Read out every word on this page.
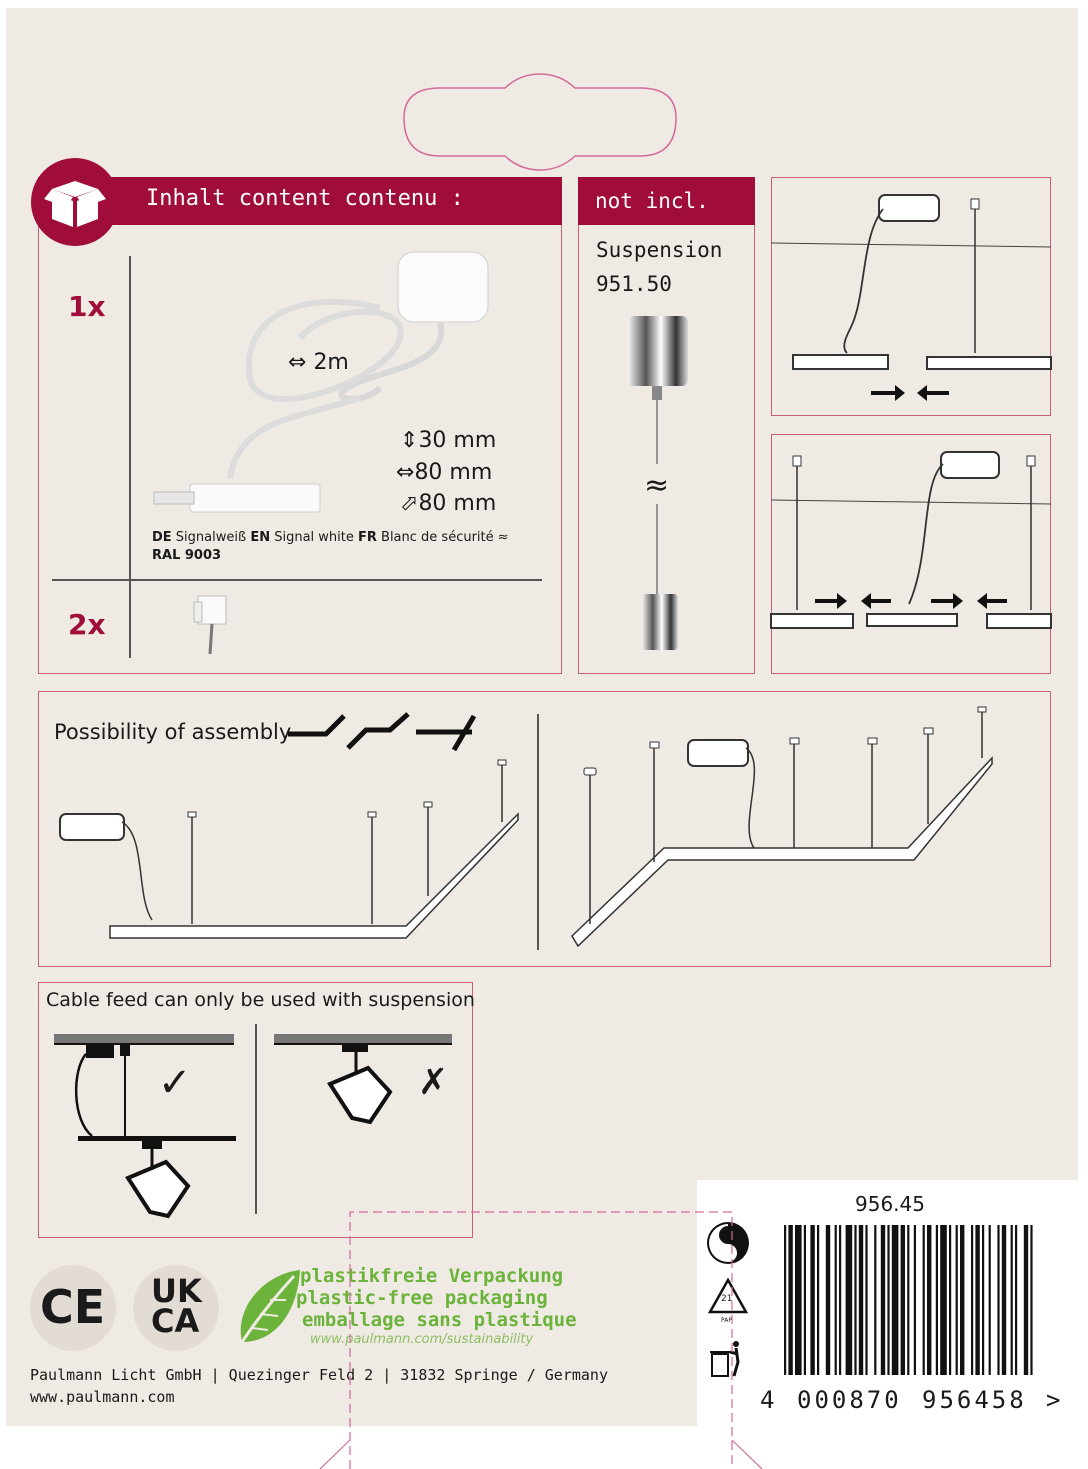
Inhalt content contenu :
1x
2x
⇔ 2m
⇕30 mm
⇔80 mm
⬀80 mm
DE Signalweiß EN Signal white FR Blanc de sécurité ≈
RAL 9003
not incl.
Suspension
951.50
≈
Possibility of assembly
Cable feed can only be used with suspension
✓	✗
CE UK
CA
plastikfreie Verpackung
plastic-free packaging
emballage sans plastique
www.paulmann.com/sustainability
Paulmann Licht GmbH | Quezinger Feld 2 | 31832 Springe / Germany
www.paulmann.com
956.45
21
PAP
4 000870 956458 >
